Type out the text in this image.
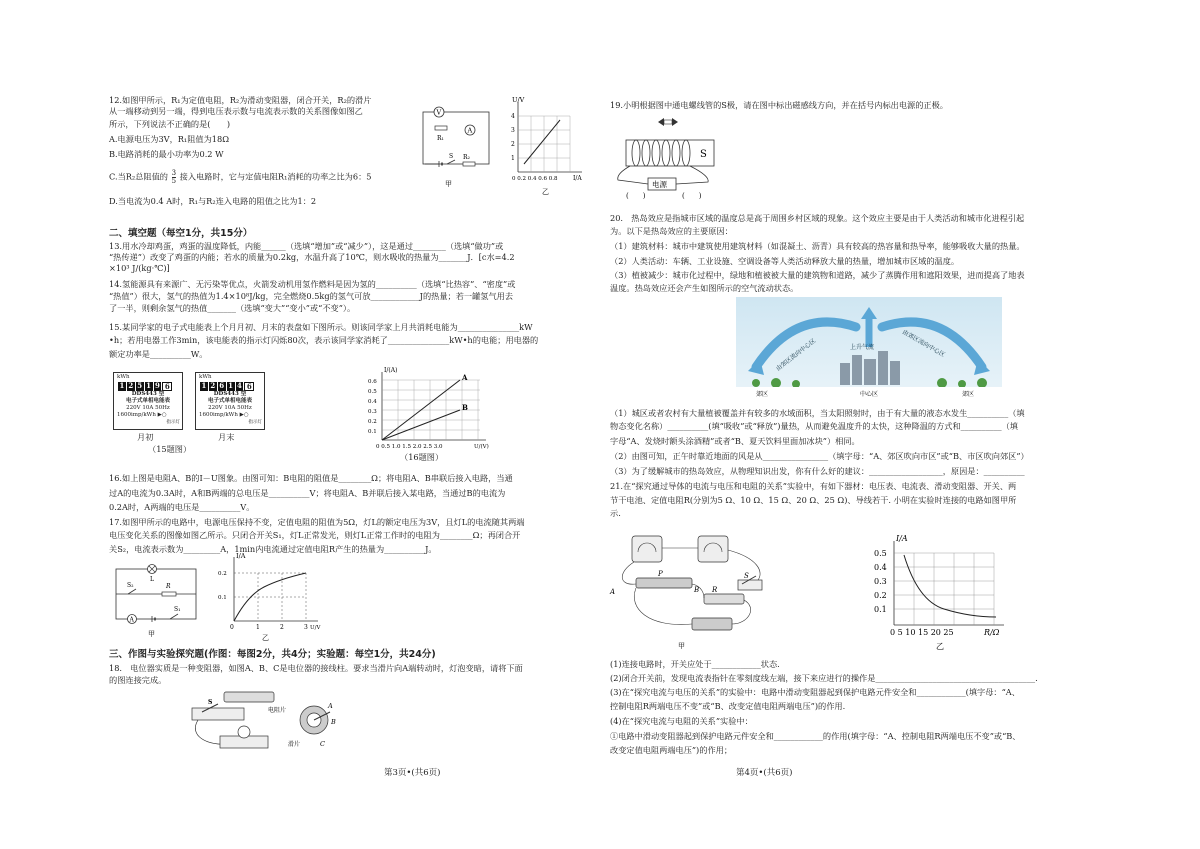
12.如图甲所示，R₁为定值电阻，R₂为滑动变阻器，闭合开关，R₂的滑片
从一端移动到另一端，得到电压表示数与电流表示数的关系图像如图乙
所示，下列说法不正确的是(　　)
A.电源电压为3V，R₁阻值为18Ω
B.电路消耗的最小功率为0.2 W
C.当R₂总阻值的 $\frac{3}{5}$ 接入电路时，它与定值电阻R₁消耗的功率之比为6：5
D.当电流为0.4 A时，R₁与R₂连入电路的阻值之比为1：2
V
A
R₁
S R₂
甲
U/V
4
3
2
1
0 0.2 0.4 0.6 0.8	I/A
乙
二、填空题（每空1分，共15分）
13.用水冷却鸡蛋，鸡蛋的温度降低，内能______（选填“增加”或“减少”），这是通过________（选填“做功”或
“热传递”）改变了鸡蛋的内能；若水的质量为0.2kg，水温升高了10℃，则水吸收的热量为_______J．[c水=4.2
×10³ J/(kg·℃)]
14.氢能源具有来源广、无污染等优点，火箭发动机用氢作燃料是因为氢的__________（选填“比热容”、“密度”或
“热值”）很大，氢气的热值为1.4×10⁸J/kg，完全燃烧0.5kg的氢气可放____________J的热量；若一罐氢气用去
了一半，则剩余氢气的热值_______（选填“变大”“变小”或“不变”）。
15.某同学家的电子式电能表上个月月初、月末的表盘如下图所示。则该同学家上月共消耗电能为_______________kW
•h；若用电器工作3min，该电能表的指示灯闪烁80次，表示该同学家消耗了_______________kW•h的电能；用电器的
额定功率是__________W。
kWh
1 2 5 1 9 6
DDS443 型
电子式单相电能表
220V 10A 50Hz
1600imp/kWh ▶○
指示灯
月初
kWh
1 2 6 1 4 6
DDS443 型
电子式单相电能表
220V 10A 50Hz
1600imp/kWh ▶○
指示灯
月末
（15题图）
A
B
I/(A)
0.6
0.5
0.4
0.3
0.2
0.1
0 0.5 1.0 1.5 2.0 2.5 3.0	U/(V)
（16题图）
16.如上图是电阻A、B的I－U图象。由图可知：B电阻的阻值是________Ω；将电阻A、B串联后接入电路，当通
过A的电流为0.3A时，A和B两端的总电压是__________V；将电阻A、B并联后接入某电路，当通过B的电流为
0.2A时，A两端的电压是__________V。
17.如图甲所示的电路中，电源电压保持不变，定值电阻的阻值为5Ω，灯L的额定电压为3V，且灯L的电流随其两端
电压变化关系的图像如图乙所示。只闭合开关S₁，灯L正常发光，则灯L正常工作时的电阻为________Ω；再闭合开
关S₂，电流表示数为_________A，1min内电流通过定值电阻R产生的热量为__________J。
L
S₂	R
A
S₁
甲
I/A
0.2
0.1
0	1	2	3 U/V
乙
三、作图与实验探究题(作图：每图2分，共4分；实验题：每空1分，共24分)
18.　电位器实质是一种变阻器，如图A、B、C是电位器的接线柱。要求当滑片向A端转动时，灯泡变暗，请将下面
的图连接完成。
S
电阻片
A
B
C
滑片
第3页•(共6页)
19.小明根据图中通电螺线管的S极，请在图中标出磁感线方向，并在括号内标出电源的正极。
S
电源
(　　)	(　　)
20.　热岛效应是指城市区域的温度总是高于周围乡村区域的现象。这个效应主要是由于人类活动和城市化进程引起
为。以下是热岛效应的主要原因：
（1）建筑材料：城市中建筑使用建筑材料（如混凝土、沥青）具有较高的热容量和热导率，能够吸收大量的热量。
（2）人类活动：车辆、工业设施、空调设备等人类活动释放大量的热量，增加城市区域的温度。
（3）植被减少：城市化过程中，绿地和植被被大量的建筑物和道路，减少了蒸腾作用和遮阳效果，进而提高了地表
温度。热岛效应还会产生如图所示的空气流动状态。
上升气流
由郊区流向中心区	由郊区流向中心区
郊区	中心区	郊区
（1）城区或者农村有大量植被覆盖并有较多的水域面积，当太阳照射时，由于有大量的液态水发生__________（填
物态变化名称）__________(填“吸收”或“释放”)量热，从而避免温度升的太快，这种降温的方式和__________（填
字母“A、发烧时额头涂酒精”或者“B、夏天饮料里面加冰块”）相同。
（2）由图可知，正午时靠近地面的风是从________________（填字母：“A、郊区吹向市区”或“B、市区吹向郊区”）
（3）为了缓解城市的热岛效应，从物理知识出发，你有什么好的建议：__________________，原因是：__________
21.在“探究通过导体的电流与电压和电阻的关系”实验中，有如下器材：电压表、电流表、滑动变阻器、开关、两
节干电池、定值电阻R(分别为5 Ω、10 Ω、15 Ω、20 Ω、25 Ω)、导线若干. 小明在实验时连接的电路如图甲所
示.
P
B
A	R
S
甲
I/A
0.5
0.4
0.3
0.2
0.1
0 5 10 15 20 25	R/Ω
乙
(1)连接电路时，开关应处于____________状态.
(2)闭合开关前，发现电流表指针在零刻度线左端，接下来应进行的操作是_______________________________________.
(3)在“探究电流与电压的关系”的实验中：电路中滑动变阻器起到保护电路元件安全和____________(填字母：“A、
控制电阻R两端电压不变”或“B、改变定值电阻两端电压”)的作用.
(4)在“探究电流与电阻的关系”实验中：
①电路中滑动变阻器起到保护电路元件安全和____________的作用(填字母：“A、控制电阻R两端电压不变”或“B、
改变定值电阻两端电压”)的作用；
第4页•(共6页)
